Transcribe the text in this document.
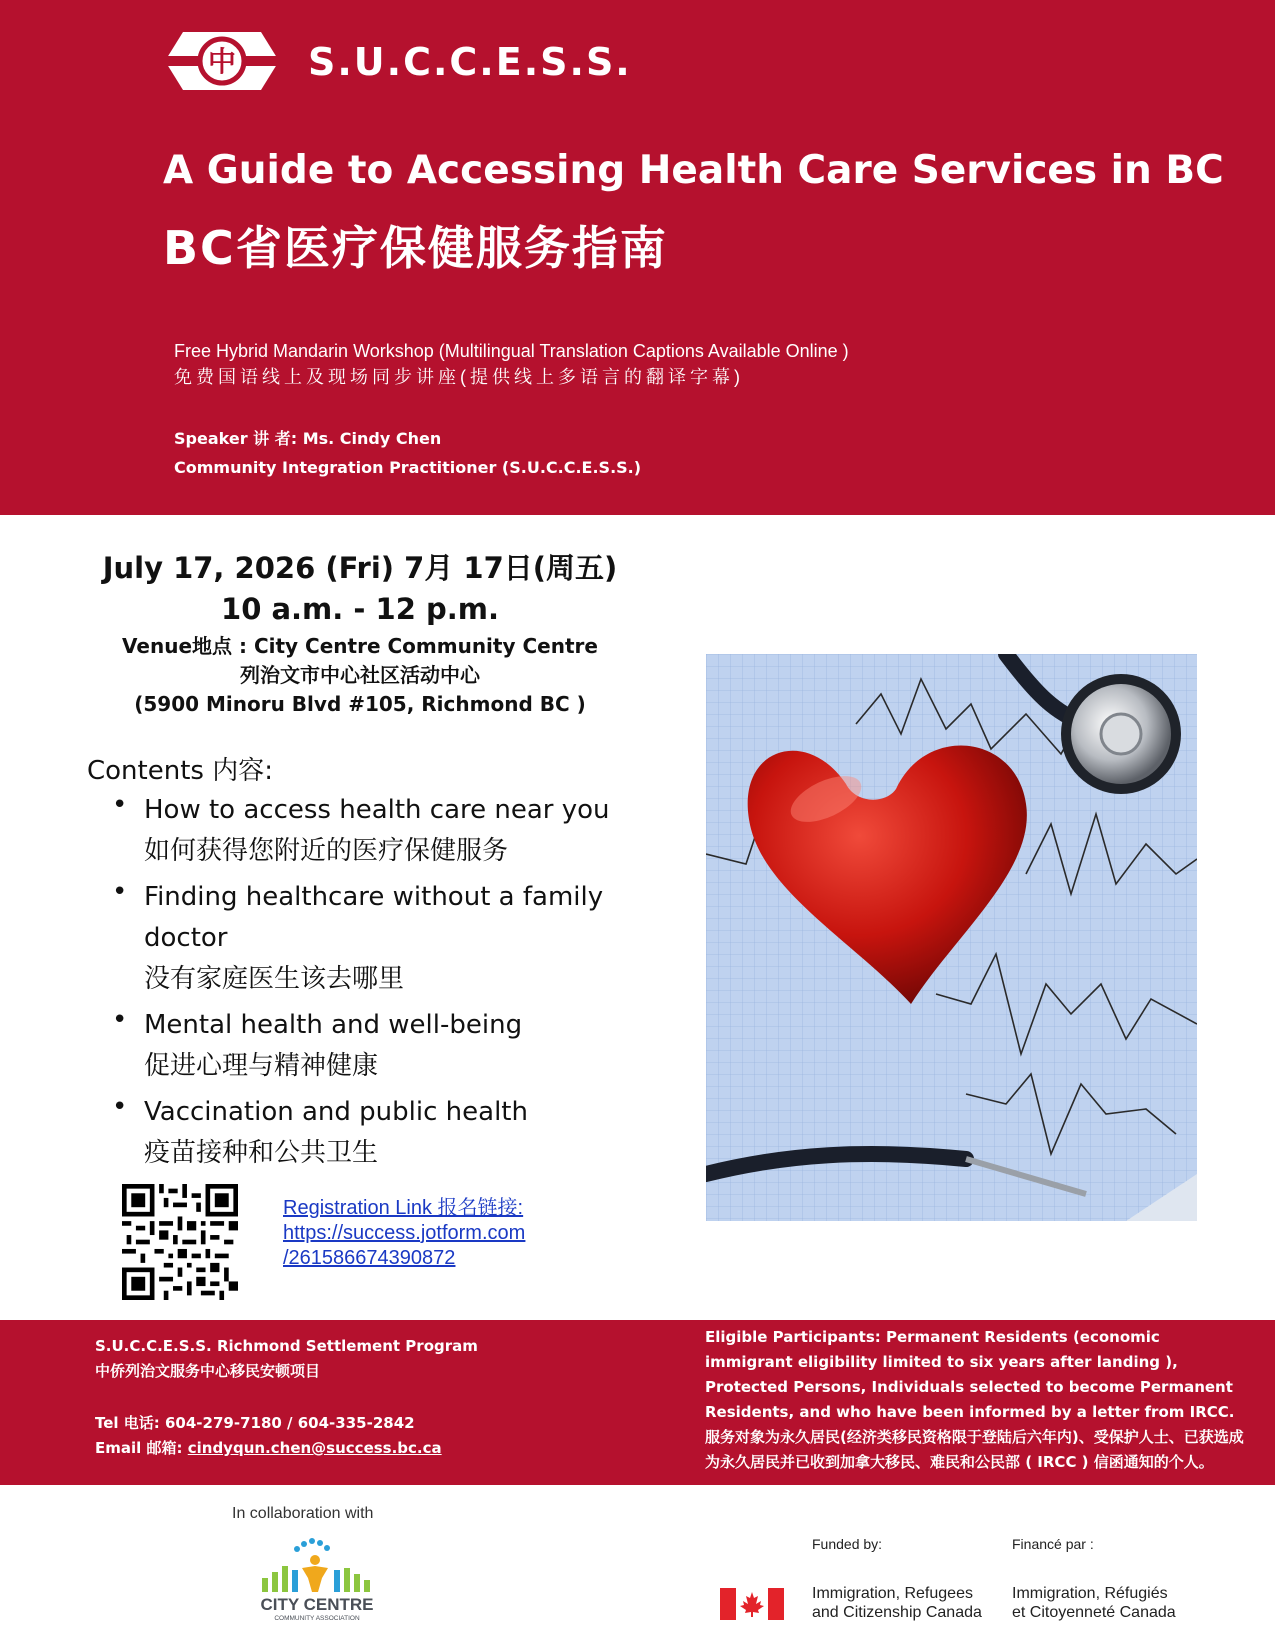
中 S.U.C.C.E.S.S.
A Guide to Accessing Health Care Services in BC
BC省医疗保健服务指南
Free Hybrid Mandarin Workshop (Multilingual Translation Captions Available Online )
免费国语线上及现场同步讲座(提供线上多语言的翻译字幕)
Speaker 讲 者: Ms. Cindy Chen
Community Integration Practitioner (S.U.C.C.E.S.S.)
July 17, 2026 (Fri) 7月 17日(周五)
10 a.m. - 12 p.m.
Venue地点 : City Centre Community Centre
列治文市中心社区活动中心
(5900 Minoru Blvd #105, Richmond BC )
Contents 内容:
• How to access health care near you
如何获得您附近的医疗保健服务
• Finding healthcare without a family doctor
没有家庭医生该去哪里
• Mental health and well-being
促进心理与精神健康
• Vaccination and public health
疫苗接种和公共卫生
Registration Link 报名链接:
https://success.jotform.com
/261586674390872
S.U.C.C.E.S.S. Richmond Settlement Program
中侨列治文服务中心移民安顿项目
Tel 电话: 604-279-7180 / 604-335-2842
Email 邮箱: cindyqun.chen@success.bc.ca
Eligible Participants: Permanent Residents (economic immigrant eligibility limited to six years after landing ), Protected Persons, Individuals selected to become Permanent Residents, and who have been informed by a letter from IRCC. 服务对象为永久居民(经济类移民资格限于登陆后六年内)、受保护人士、已获选成为永久居民并已收到加拿大移民、难民和公民部 ( IRCC ) 信函通知的个人。
In collaboration with
CITY CENTRE
COMMUNITY ASSOCIATION
Funded by:	Financé par :
Immigration, Refugees
and Citizenship Canada
Immigration, Réfugiés
et Citoyenneté Canada
